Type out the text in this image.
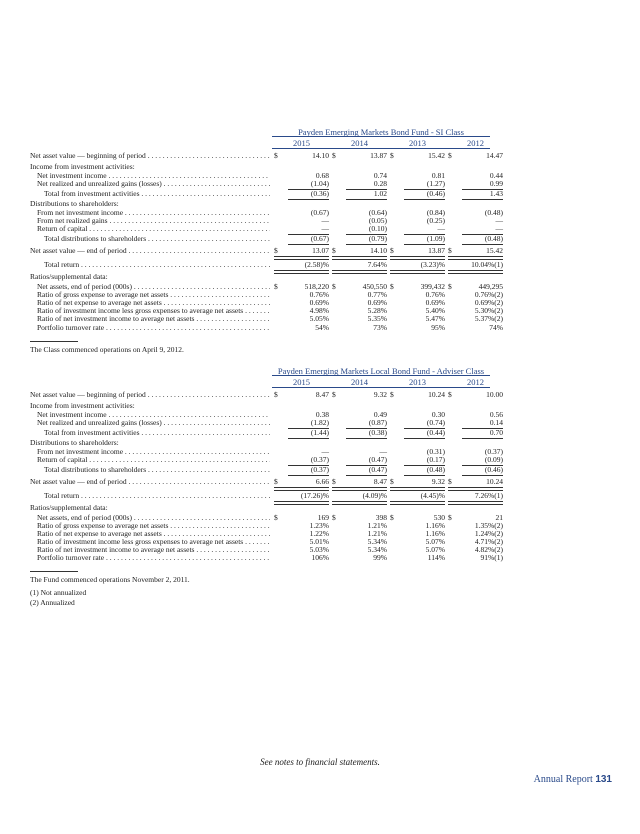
Payden Emerging Markets Bond Fund - SI Class
2015	2014	2013	2012
Net asset value — beginning of period . . .	$	14.10 $	13.87 $	15.42 $	14.47
Income from investment activities:
Net investment income . . .	0.68	0.74	0.81	0.44
Net realized and unrealized gains (losses) . . .	(1.04)	0.28	(1.27)	0.99
Total from investment activities . . .	(0.36)	1.02	(0.46)	1.43
Distributions to shareholders:
From net investment income . . .	(0.67)	(0.64)	(0.84)	(0.48)
From net realized gains . . .	—	(0.05)	(0.25)	—
Return of capital . . .	—	(0.10)	—	—
Total distributions to shareholders . . .	(0.67)	(0.79)	(1.09)	(0.48)
Net asset value — end of period . . .	$	13.07 $	14.10 $	13.87 $	15.42
Total return . . .	(2.58)%	7.64%	(3.23)%	10.04%(1)
Ratios/supplemental data:
Net assets, end of period (000s) . . .	$	518,220 $	450,550 $	399,432 $	449,295
Ratio of gross expense to average net assets . . .	0.76%	0.77%	0.76%	0.76%(2)
Ratio of net expense to average net assets . . .	0.69%	0.69%	0.69%	0.69%(2)
Ratio of investment income less gross expenses to average net assets . . .	4.98%	5.28%	5.40%	5.30%(2)
Ratio of net investment income to average net assets . . .	5.05%	5.35%	5.47%	5.37%(2)
Portfolio turnover rate . . .	54%	73%	95%	74%
The Class commenced operations on April 9, 2012.
Payden Emerging Markets Local Bond Fund - Adviser Class
2015	2014	2013	2012
Net asset value — beginning of period . . .	$	8.47 $	9.32 $	10.24 $	10.00
Income from investment activities:
Net investment income . . .	0.38	0.49	0.30	0.56
Net realized and unrealized gains (losses) . . .	(1.82)	(0.87)	(0.74)	0.14
Total from investment activities . . .	(1.44)	(0.38)	(0.44)	0.70
Distributions to shareholders:
From net investment income . . .	—	—	(0.31)	(0.37)
Return of capital . . .	(0.37)	(0.47)	(0.17)	(0.09)
Total distributions to shareholders . . .	(0.37)	(0.47)	(0.48)	(0.46)
Net asset value — end of period . . .	$	6.66 $	8.47 $	9.32 $	10.24
Total return . . .	(17.26)%	(4.09)%	(4.45)%	7.26%(1)
Ratios/supplemental data:
Net assets, end of period (000s) . . .	$	169 $	398 $	530 $	21
Ratio of gross expense to average net assets . . .	1.23%	1.21%	1.16%	1.35%(2)
Ratio of net expense to average net assets . . .	1.22%	1.21%	1.16%	1.24%(2)
Ratio of investment income less gross expenses to average net assets . . .	5.01%	5.34%	5.07%	4.71%(2)
Ratio of net investment income to average net assets . . .	5.03%	5.34%	5.07%	4.82%(2)
Portfolio turnover rate . . .	106%	99%	114%	91%(1)
The Fund commenced operations November 2, 2011.
(1) Not annualized
(2) Annualized
See notes to financial statements.
Annual Report 131
